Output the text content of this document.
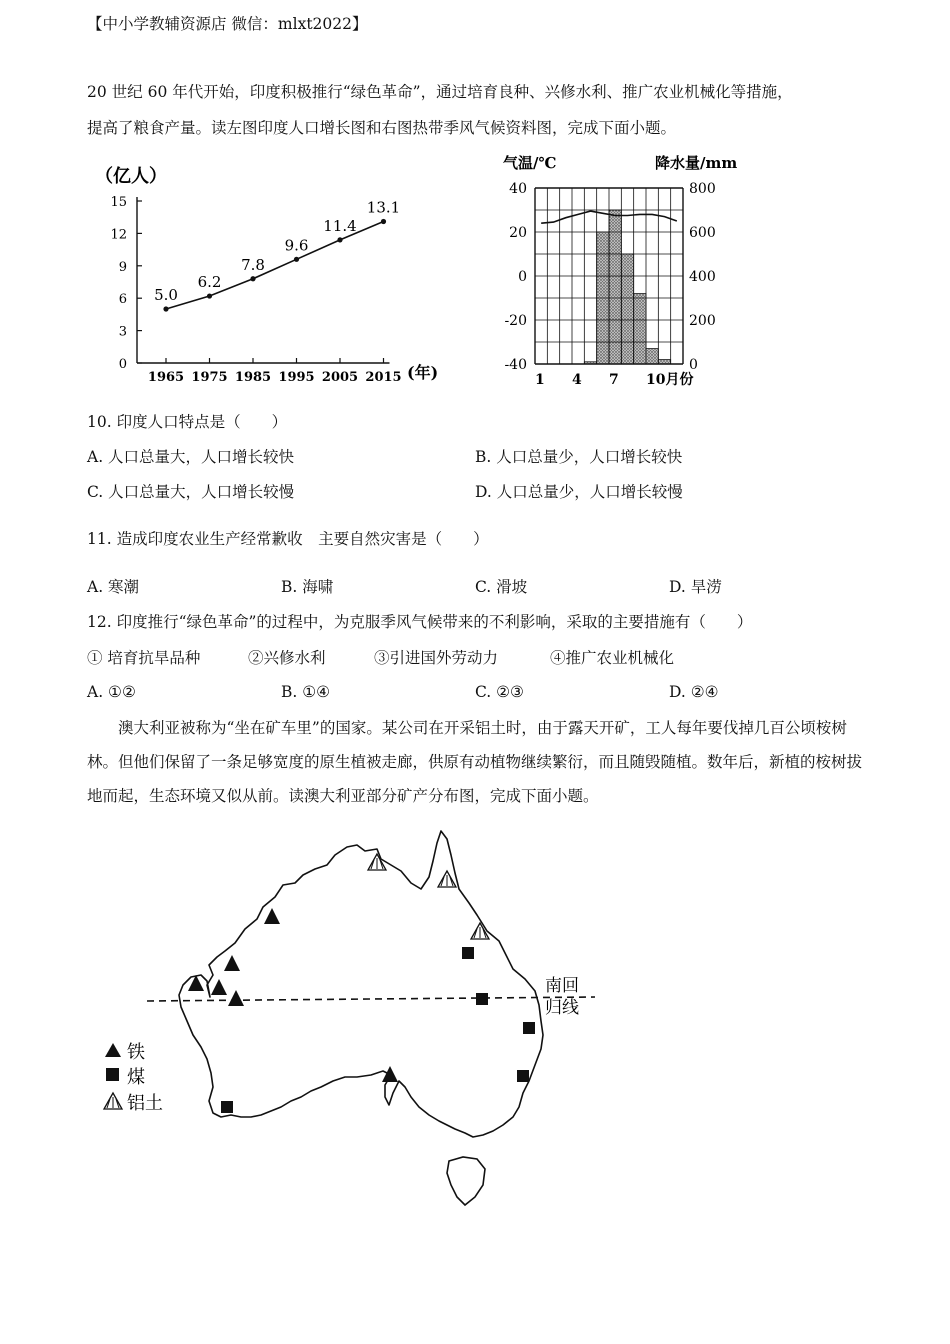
【中小学教辅资源店 微信：mlxt2022】
20 世纪 60 年代开始，印度积极推行“绿色革命”，通过培育良种、兴修水利、推广农业机械化等措施，
提高了粮食产量。读左图印度人口增长图和右图热带季风气候资料图，完成下面小题。
（亿人）
0
3
6
9
12
15
1965 1975 1985 1995 2005 2015
5.0
6.2
7.8
9.6
11.4
13.1
(年)
气温/℃	降水量/mm
40
20
0
-20
-40
800
600
400
200
0
1 4 7 10月份
10. 印度人口特点是（　　）
A. 人口总量大，人口增长较快	B. 人口总量少，人口增长较快
C. 人口总量大，人口增长较慢	D. 人口总量少，人口增长较慢
11. 造成印度农业生产经常歉收　主要自然灾害是（　　）
A. 寒潮	B. 海啸	C. 滑坡	D. 旱涝
12. 印度推行“绿色革命”的过程中，为克服季风气候带来的不利影响，采取的主要措施有（　　）
① 培育抗旱品种	②兴修水利	③引进国外劳动力	④推广农业机械化
A. ①②	B. ①④	C. ②③	D. ②④
澳大利亚被称为“坐在矿车里”的国家。某公司在开采铝土时，由于露天开矿，工人每年要伐掉几百公顷桉树林。但他们保留了一条足够宽度的原生植被走廊，供原有动植物继续繁衍，而且随毁随植。数年后，新植的桉树拔地而起，生态环境又似从前。读澳大利亚部分矿产分布图，完成下面小题。
南回
归线
铁
煤
铝土
